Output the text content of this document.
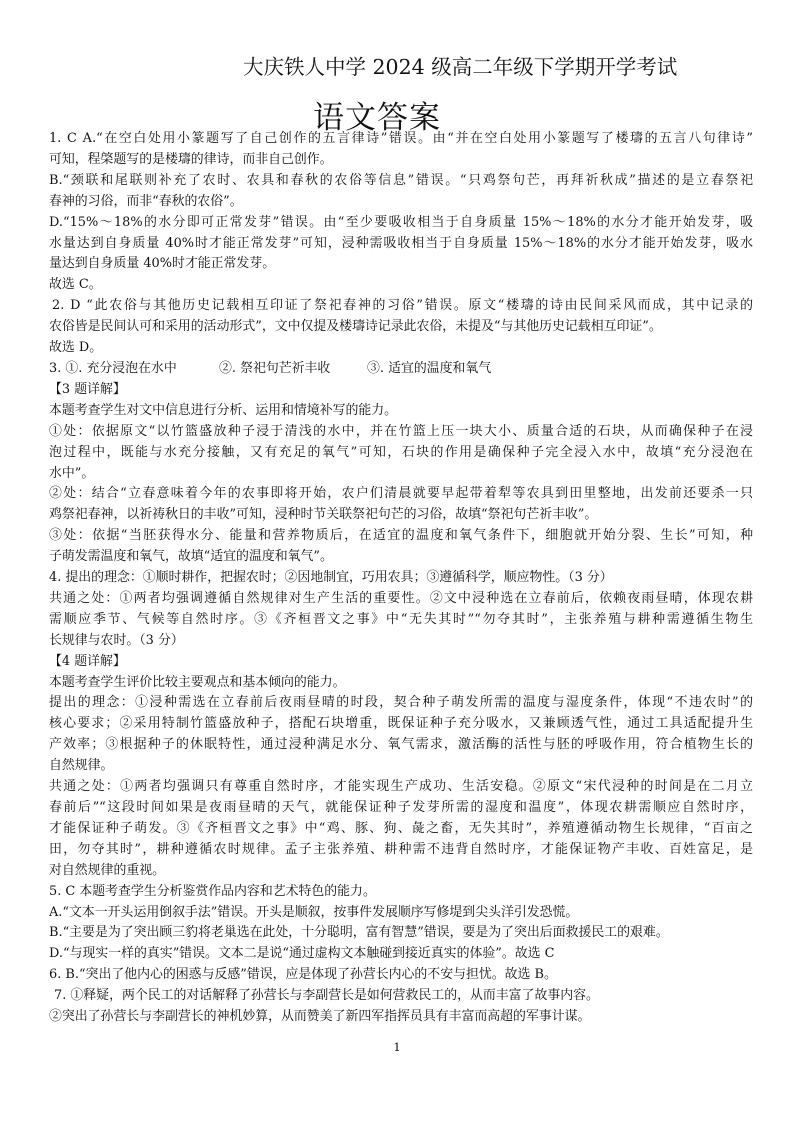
大庆铁人中学 2024 级高二年级下学期开学考试
语文答案

1. C A.“在空白处用小篆题写了自己创作的五言律诗”错误。由“并在空白处用小篆题写了楼璹的五言八句律诗”

可知，程棨题写的是楼璹的律诗，而非自己创作。

B.“颈联和尾联则补充了农时、农具和春秋的农俗等信息”错误。“只鸡祭句芒，再拜祈秋成”描述的是立春祭祀

春神的习俗，而非“春秋的农俗”。

D.“15%～18%的水分即可正常发芽”错误。由“至少要吸收相当于自身质量 15%～18%的水分才能开始发芽，吸

水量达到自身质量 40%时才能正常发芽”可知，浸种需吸收相当于自身质量 15%～18%的水分才能开始发芽，吸水

量达到自身质量 40%时才能正常发芽。

故选 C。

2. D “此农俗与其他历史记载相互印证了祭祀春神的习俗”错误。原文“楼璹的诗由民间采风而成，其中记录的

农俗皆是民间认可和采用的活动形式”，文中仅提及楼璹诗记录此农俗，未提及“与其他历史记载相互印证”。

故选 D。

3. ①. 充分浸泡在水中	②. 祭祀句芒祈丰收	③. 适宜的温度和氧气

【3 题详解】

本题考查学生对文中信息进行分析、运用和情境补写的能力。

①处：依据原文“以竹篮盛放种子浸于清浅的水中，并在竹篮上压一块大小、质量合适的石块，从而确保种子在浸

泡过程中，既能与水充分接触，又有充足的氧气”可知，石块的作用是确保种子完全浸入水中，故填“充分浸泡在

水中”。

②处：结合“立春意味着今年的农事即将开始，农户们清晨就要早起带着犁等农具到田里整地，出发前还要杀一只

鸡祭祀春神，以祈祷秋日的丰收”可知，浸种时节关联祭祀句芒的习俗，故填“祭祀句芒祈丰收”。

③处：依据“当胚获得水分、能量和营养物质后，在适宜的温度和氧气条件下，细胞就开始分裂、生长”可知，种

子萌发需温度和氧气，故填“适宜的温度和氧气”。

4. 提出的理念：①顺时耕作，把握农时；②因地制宜，巧用农具；③遵循科学，顺应物性。（3 分）

共通之处：①两者均强调遵循自然规律对生产生活的重要性。②文中浸种选在立春前后，依赖夜雨昼晴，体现农耕

需顺应季节、气候等自然时序。③《齐桓晋文之事》中“无失其时”“勿夺其时”，主张养殖与耕种需遵循生物生

长规律与农时。（3 分）

【4 题详解】

本题考查学生评价比较主要观点和基本倾向的能力。

提出的理念：①浸种需选在立春前后夜雨昼晴的时段，契合种子萌发所需的温度与湿度条件，体现“不违农时”的

核心要求；②采用特制竹篮盛放种子，搭配石块增重，既保证种子充分吸水，又兼顾透气性，通过工具适配提升生

产效率；③根据种子的休眠特性，通过浸种满足水分、氧气需求，激活酶的活性与胚的呼吸作用，符合植物生长的

自然规律。

共通之处：①两者均强调只有尊重自然时序，才能实现生产成功、生活安稳。②原文“宋代浸种的时间是在二月立

春前后”“这段时间如果是夜雨昼晴的天气，就能保证种子发芽所需的湿度和温度”，体现农耕需顺应自然时序，

才能保证种子萌发。③《齐桓晋文之事》中“鸡、豚、狗、彘之畜，无失其时”，养殖遵循动物生长规律，“百亩之

田，勿夺其时”，耕种遵循农时规律。孟子主张养殖、耕种需不违背自然时序，才能保证物产丰收、百姓富足，是

对自然规律的重视。

5. C 本题考查学生分析鉴赏作品内容和艺术特色的能力。

A.“文本一开头运用倒叙手法”错误。开头是顺叙，按事件发展顺序写修堤到尖头洋引发恐慌。

B.“主要是为了突出顾三豹将老巢选在此处，十分聪明，富有智慧”错误，要是为了突出后面救援民工的艰难。

D.“与现实一样的真实”错误。文本二是说“通过虚构文本触碰到接近真实的体验”。故选 C

6. B.“突出了他内心的困惑与反感”错误，应是体现了孙营长内心的不安与担忧。故选 B。

7. ①释疑，两个民工的对话解释了孙营长与李副营长是如何营救民工的，从而丰富了故事内容。

②突出了孙营长与李副营长的神机妙算，从而赞美了新四军指挥员具有丰富而高超的军事计谋。

1
